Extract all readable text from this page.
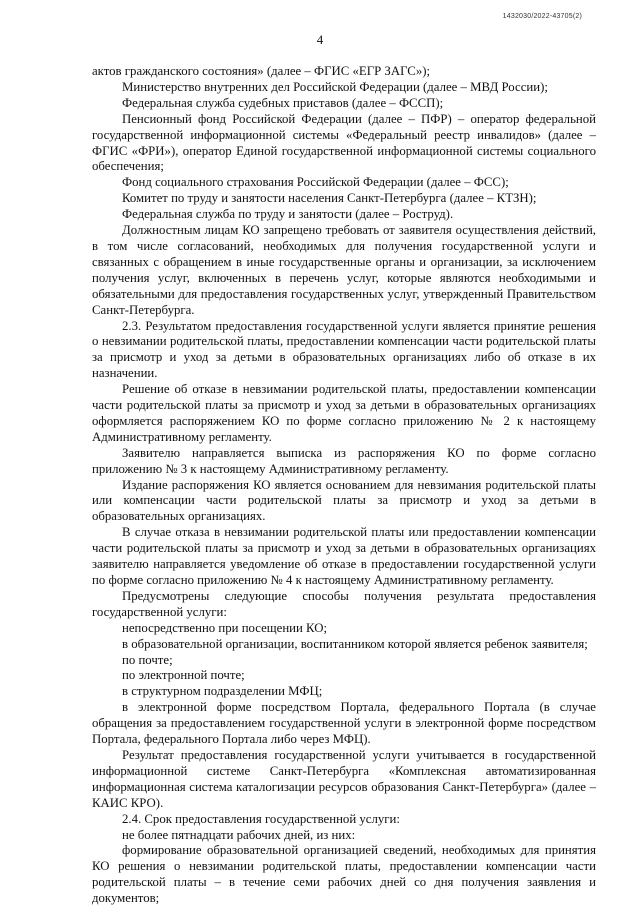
1432030/2022-43705(2)
4

актов гражданского состояния» (далее – ФГИС «ЕГР ЗАГС»);

Министерство внутренних дел Российской Федерации (далее – МВД России);

Федеральная служба судебных приставов (далее – ФССП);

Пенсионный фонд Российской Федерации (далее – ПФР) – оператор федеральной государственной информационной системы «Федеральный реестр инвалидов» (далее – ФГИС «ФРИ»), оператор Единой государственной информационной системы социального обеспечения;

Фонд социального страхования Российской Федерации (далее – ФСС);

Комитет по труду и занятости населения Санкт-Петербурга (далее – КТЗН);

Федеральная служба по труду и занятости (далее – Роструд).

Должностным лицам КО запрещено требовать от заявителя осуществления действий, в том числе согласований, необходимых для получения государственной услуги и связанных с обращением в иные государственные органы и организации, за исключением получения услуг, включенных в перечень услуг, которые являются необходимыми и обязательными для предоставления государственных услуг, утвержденный Правительством Санкт-Петербурга.

2.3. Результатом предоставления государственной услуги является принятие решения о невзимании родительской платы, предоставлении компенсации части родительской платы за присмотр и уход за детьми в образовательных организациях либо об отказе в их назначении.

Решение об отказе в невзимании родительской платы, предоставлении компенсации части родительской платы за присмотр и уход за детьми в образовательных организациях оформляется распоряжением КО по форме согласно приложению № 2 к настоящему Административному регламенту.

Заявителю направляется выписка из распоряжения КО по форме согласно приложению № 3 к настоящему Административному регламенту.

Издание распоряжения КО является основанием для невзимания родительской платы или компенсации части родительской платы за присмотр и уход за детьми в образовательных организациях.

В случае отказа в невзимании родительской платы или предоставлении компенсации части родительской платы за присмотр и уход за детьми в образовательных организациях заявителю направляется уведомление об отказе в предоставлении государственной услуги по форме согласно приложению № 4 к настоящему Административному регламенту.

Предусмотрены следующие способы получения результата предоставления государственной услуги:

непосредственно при посещении КО;

в образовательной организации, воспитанником которой является ребенок заявителя;

по почте;

по электронной почте;

в структурном подразделении МФЦ;

в электронной форме посредством Портала, федерального Портала (в случае обращения за предоставлением государственной услуги в электронной форме посредством Портала, федерального Портала либо через МФЦ).

Результат предоставления государственной услуги учитывается в государственной информационной системе Санкт-Петербурга «Комплексная автоматизированная информационная система каталогизации ресурсов образования Санкт-Петербурга» (далее – КАИС КРО).

2.4. Срок предоставления государственной услуги:

не более пятнадцати рабочих дней, из них:

формирование образовательной организацией сведений, необходимых для принятия КО решения о невзимании родительской платы, предоставлении компенсации части родительской платы – в течение семи рабочих дней со дня получения заявления и документов;
